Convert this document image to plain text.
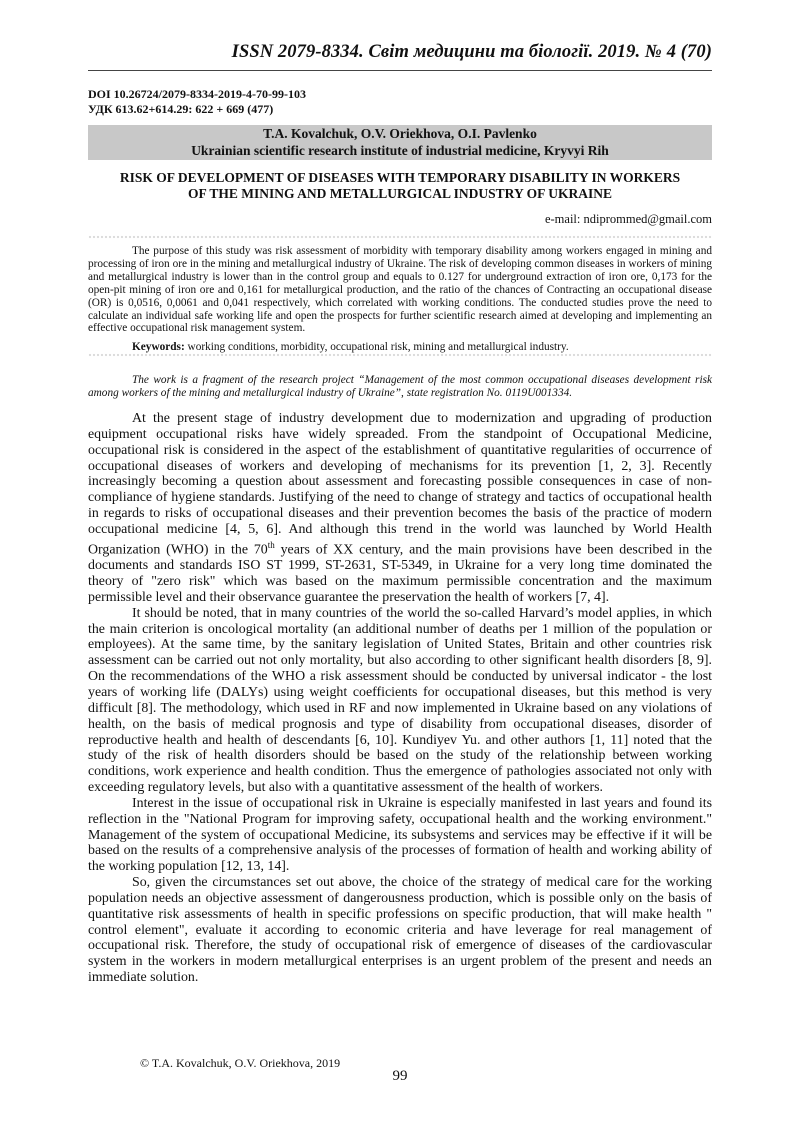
ISSN 2079-8334. Світ медицини та біології. 2019. № 4 (70)
DOI 10.26724/2079-8334-2019-4-70-99-103
УДК 613.62+614.29: 622 + 669 (477)
T.A. Kovalchuk, O.V. Oriekhova, O.I. Pavlenko
Ukrainian scientific research institute of industrial medicine, Kryvyi Rih
RISK OF DEVELOPMENT OF DISEASES WITH TEMPORARY DISABILITY IN WORKERS
OF THE MINING AND METALLURGICAL INDUSTRY OF UKRAINE
e-mail: ndiprommed@gmail.com
The purpose of this study was risk assessment of morbidity with temporary disability among workers engaged in mining and processing of iron ore in the mining and metallurgical industry of Ukraine. The risk of developing common diseases in workers of mining and metallurgical industry is lower than in the control group and equals to 0.127 for underground extraction of iron ore, 0,173 for the open-pit mining of iron ore and 0,161 for metallurgical production, and the ratio of the chances of Contracting an occupational disease (OR) is 0,0516, 0,0061 and 0,041 respectively, which correlated with working conditions. The conducted studies prove the need to calculate an individual safe working life and open the prospects for further scientific research aimed at developing and implementing an effective occupational risk management system.
Keywords: working conditions, morbidity, occupational risk, mining and metallurgical industry.
The work is a fragment of the research project “Management of the most common occupational diseases development risk among workers of the mining and metallurgical industry of Ukraine”, state registration No. 0119U001334.

At the present stage of industry development due to modernization and upgrading of production equipment occupational risks have widely spreaded. From the standpoint of Occupational Medicine, occupational risk is considered in the aspect of the establishment of quantitative regularities of occurrence of occupational diseases of workers and developing of mechanisms for its prevention [1, 2, 3]. Recently increasingly becoming a question about assessment and forecasting possible consequences in case of non-compliance of hygiene standards. Justifying of the need to change of strategy and tactics of occupational health in regards to risks of occupational diseases and their prevention becomes the basis of the practice of modern occupational medicine [4, 5, 6]. And although this trend in the world was launched by World Health Organization (WHO) in the 70th years of XX century, and the main provisions have been described in the documents and standards ISO ST 1999, ST-2631, ST-5349, in Ukraine for a very long time dominated the theory of "zero risk" which was based on the maximum permissible concentration and the maximum permissible level and their observance guarantee the preservation the health of workers [7, 4].

It should be noted, that in many countries of the world the so-called Harvard’s model applies, in which the main criterion is oncological mortality (an additional number of deaths per 1 million of the population or employees). At the same time, by the sanitary legislation of United States, Britain and other countries risk assessment can be carried out not only mortality, but also according to other significant health disorders [8, 9]. On the recommendations of the WHO a risk assessment should be conducted by universal indicator - the lost years of working life (DALYs) using weight coefficients for occupational diseases, but this method is very difficult [8]. The methodology, which used in RF and now implemented in Ukraine based on any violations of health, on the basis of medical prognosis and type of disability from occupational diseases, disorder of reproductive health and health of descendants [6, 10]. Kundiyev Yu. and other authors [1, 11] noted that the study of the risk of health disorders should be based on the study of the relationship between working conditions, work experience and health condition. Thus the emergence of pathologies associated not only with exceeding regulatory levels, but also with a quantitative assessment of the health of workers.

Interest in the issue of occupational risk in Ukraine is especially manifested in last years and found its reflection in the "National Program for improving safety, occupational health and the working environment." Management of the system of occupational Medicine, its subsystems and services may be effective if it will be based on the results of a comprehensive analysis of the processes of formation of health and working ability of the working population [12, 13, 14].

So, given the circumstances set out above, the choice of the strategy of medical care for the working population needs an objective assessment of dangerousness production, which is possible only on the basis of quantitative risk assessments of health in specific professions on specific production, that will make health " control element", evaluate it according to economic criteria and have leverage for real management of occupational risk. Therefore, the study of occupational risk of emergence of diseases of the cardiovascular system in the workers in modern metallurgical enterprises is an urgent problem of the present and needs an immediate solution.

© T.A. Kovalchuk, O.V. Oriekhova, 2019
99
